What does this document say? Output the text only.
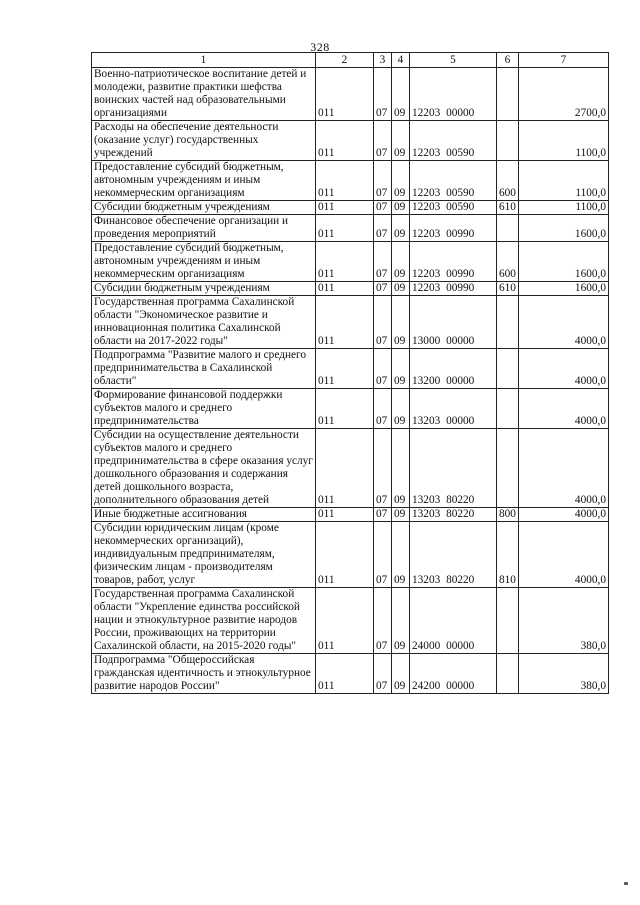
328
1	2	3	4	5	6	7
Военно-патриотическое воспитание детей и молодежи, развитие практики шефства воинских частей над образовательными организациями	011	07	09	12203 00000		2700,0
Расходы на обеспечение деятельности (оказание услуг) государственных учреждений	011	07	09	12203 00590		1100,0
Предоставление субсидий бюджетным, автономным учреждениям и иным некоммерческим организациям	011	07	09	12203 00590	600	1100,0
Субсидии бюджетным учреждениям	011	07	09	12203 00590	610	1100,0
Финансовое обеспечение организации и проведения мероприятий	011	07	09	12203 00990		1600,0
Предоставление субсидий бюджетным, автономным учреждениям и иным некоммерческим организациям	011	07	09	12203 00990	600	1600,0
Субсидии бюджетным учреждениям	011	07	09	12203 00990	610	1600,0
Государственная программа Сахалинской области "Экономическое развитие и инновационная политика Сахалинской области на 2017-2022 годы"	011	07	09	13000 00000		4000,0
Подпрограмма "Развитие малого и среднего предпринимательства в Сахалинской области"	011	07	09	13200 00000		4000,0
Формирование финансовой поддержки субъектов малого и среднего предпринимательства	011	07	09	13203 00000		4000,0
Субсидии на осуществление деятельности субъектов малого и среднего предпринимательства в сфере оказания услуг дошкольного образования и содержания детей дошкольного возраста, дополнительного образования детей	011	07	09	13203 80220		4000,0
Иные бюджетные ассигнования	011	07	09	13203 80220	800	4000,0
Субсидии юридическим лицам (кроме некоммерческих организаций), индивидуальным предпринимателям, физическим лицам - производителям товаров, работ, услуг	011	07	09	13203 80220	810	4000,0
Государственная программа Сахалинской области "Укрепление единства российской нации и этнокультурное развитие народов России, проживающих на территории Сахалинской области, на 2015-2020 годы"	011	07	09	24000 00000		380,0
Подпрограмма "Общероссийская гражданская идентичность и этнокультурное развитие народов России"	011	07	09	24200 00000		380,0
